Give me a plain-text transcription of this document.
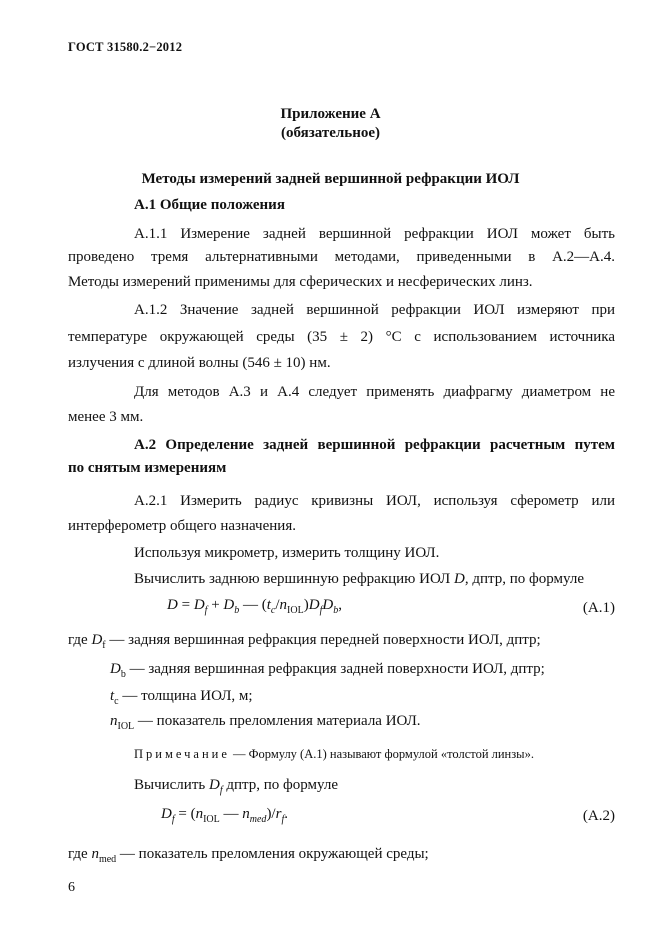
ГОСТ 31580.2−2012
Приложение А
(обязательное)
Методы измерений задней вершинной рефракции ИОЛ
А.1 Общие положения
А.1.1 Измерение задней вершинной рефракции ИОЛ может быть
проведено тремя альтернативными методами, приведенными в А.2—А.4.
Методы измерений применимы для сферических и несферических линз.
А.1.2 Значение задней вершинной рефракции ИОЛ измеряют при
температуре окружающей среды (35 ± 2) °С с использованием источника
излучения с длиной волны (546 ± 10) нм.
Для методов А.3 и А.4 следует применять диафрагму диаметром не
менее 3 мм.
А.2 Определение задней вершинной рефракции расчетным путем
по снятым измерениям
А.2.1 Измерить радиус кривизны ИОЛ, используя сферометр или
интерферометр общего назначения.
Используя микрометр, измерить толщину ИОЛ.
Вычислить заднюю вершинную рефракцию ИОЛ D, дптр, по формуле
$D = D_f + D_b$ — $(t_c/n_{IOL})D_fD_b$,	(А.1)
где $D_f$ — задняя вершинная рефракция передней поверхности ИОЛ, дптр;
$D_b$ — задняя вершинная рефракция задней поверхности ИОЛ, дптр;
$t_c$ — толщина ИОЛ, м;
$n_{IOL}$ — показатель преломления материала ИОЛ.
Примечание — Формулу (А.1) называют формулой «толстой линзы».
Вычислить $D_f$ дптр, по формуле
$D_f = (n_{IOL}$ — $n_{med})/r_f$.	(А.2)
где $n_{med}$ — показатель преломления окружающей среды;
6
